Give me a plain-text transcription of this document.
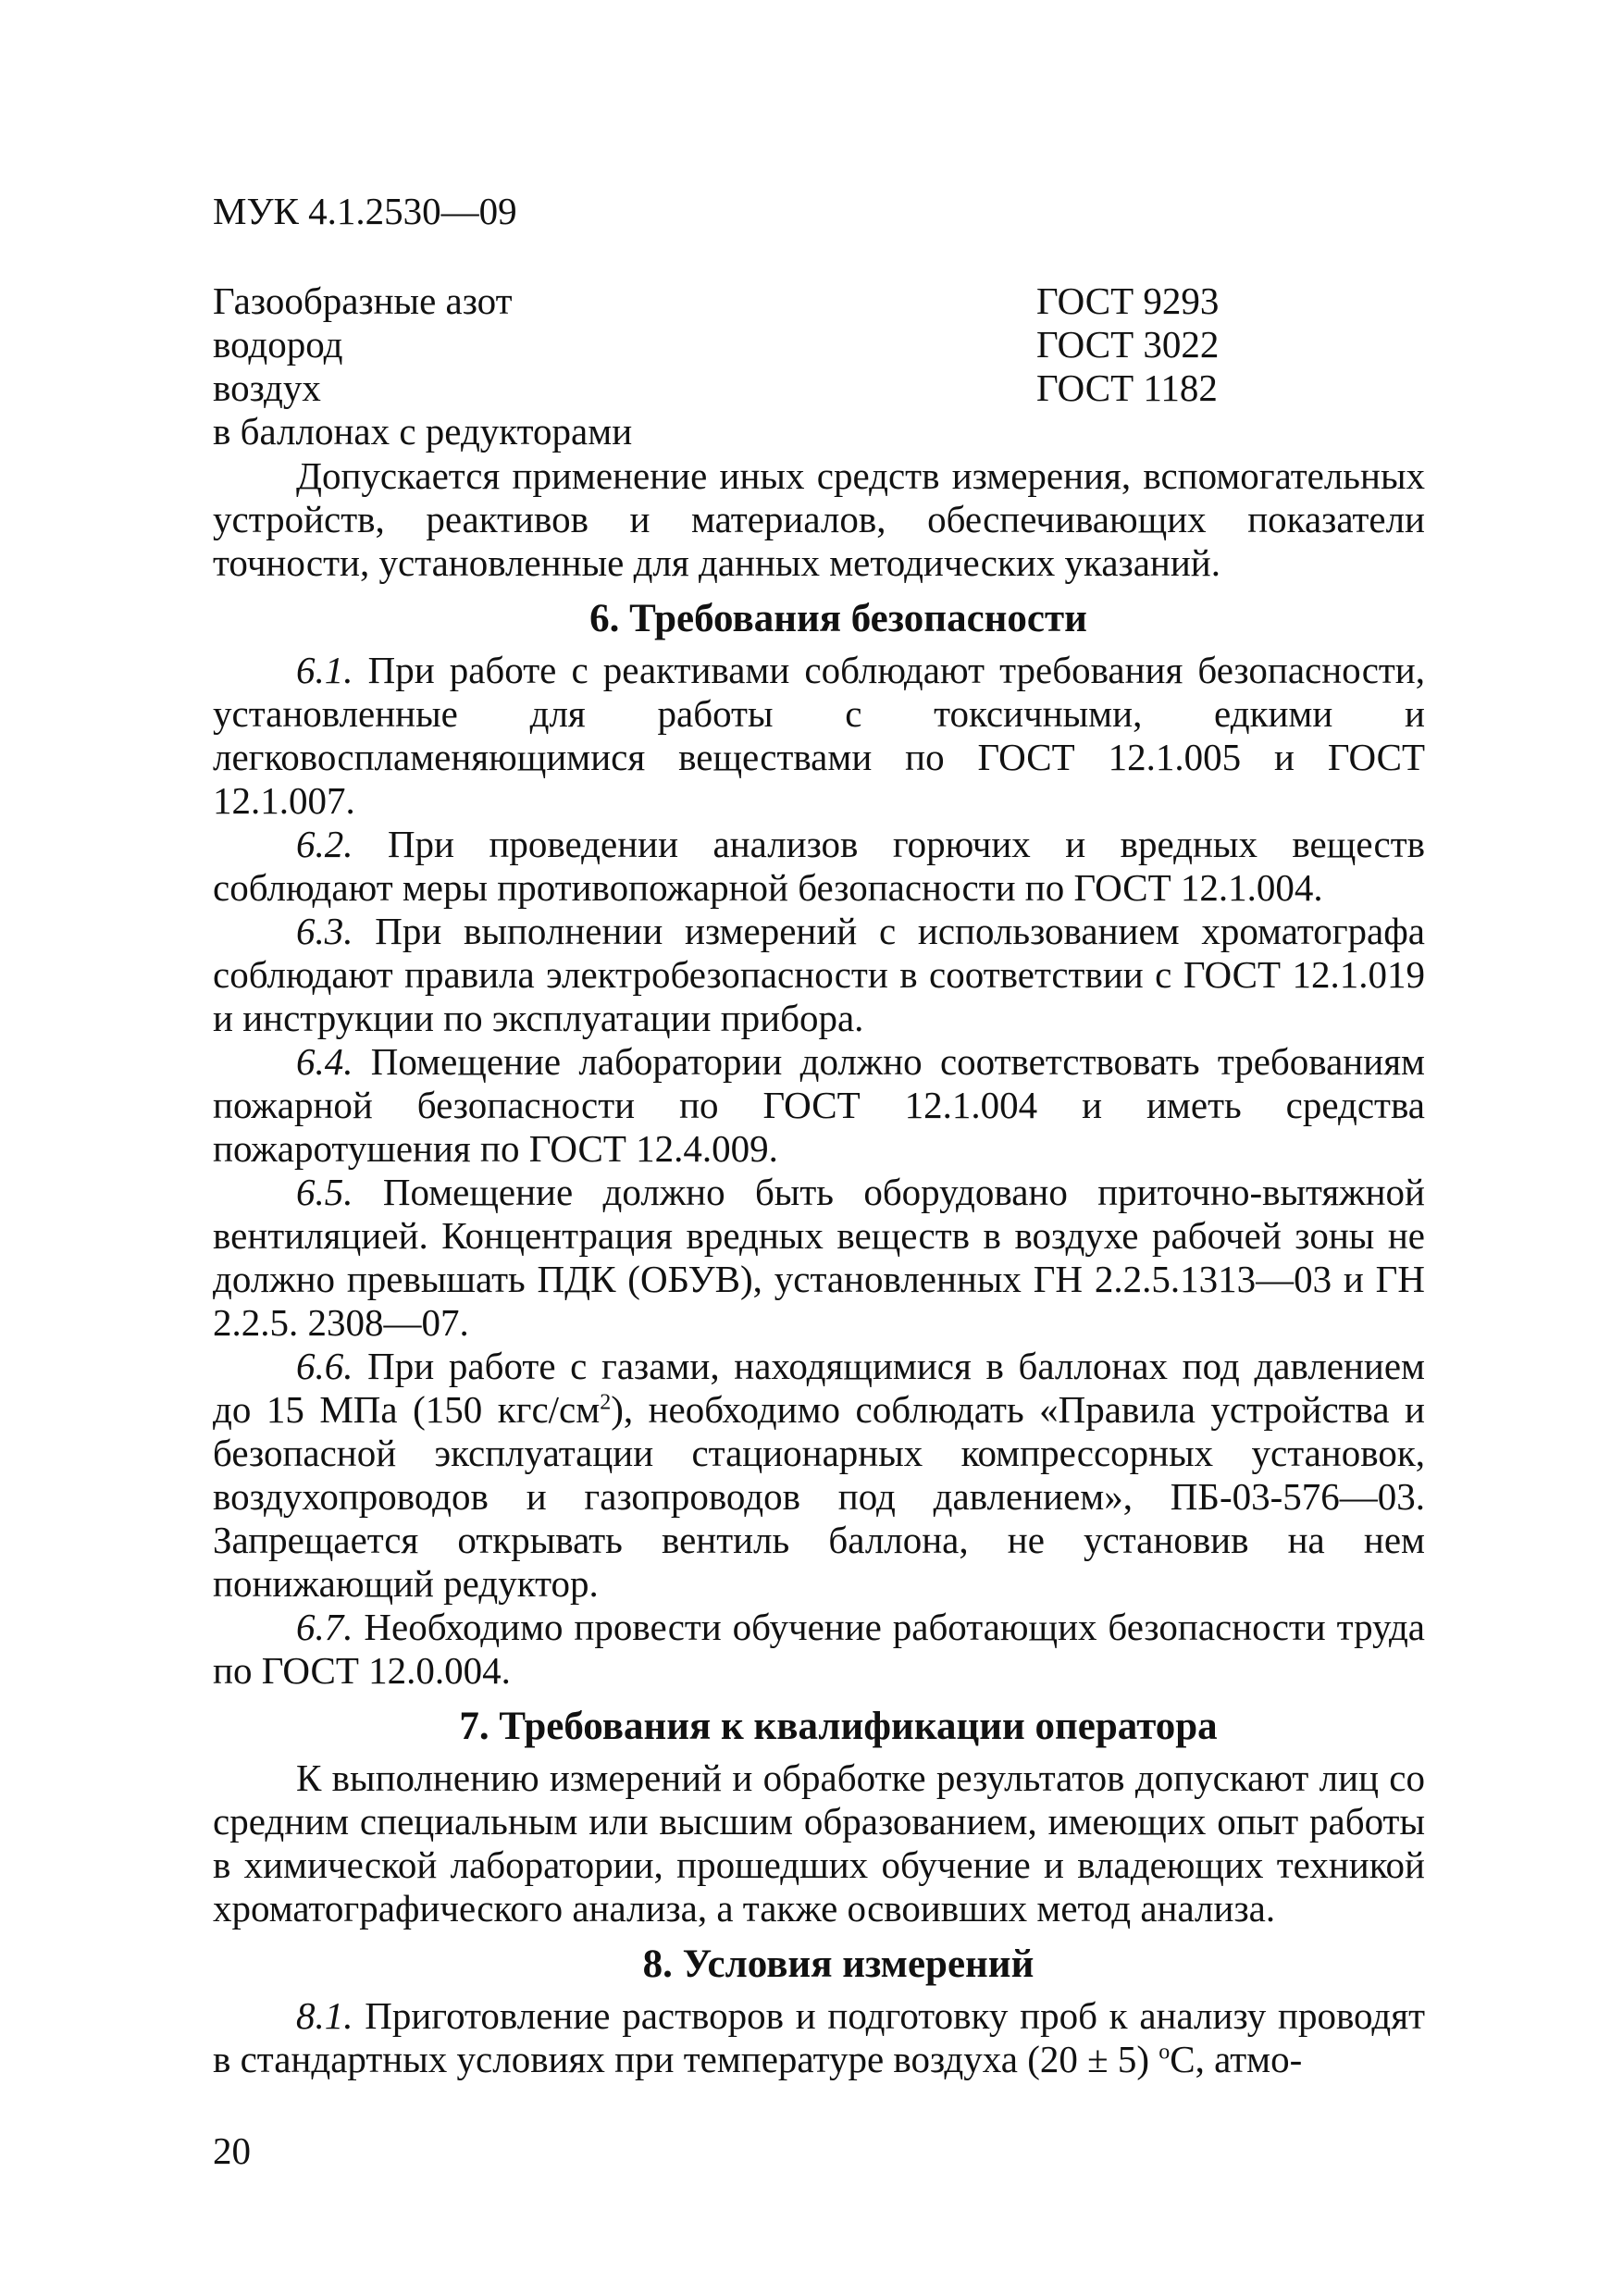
МУК 4.1.2530—09
Газообразные азот	ГОСТ 9293
водород	ГОСТ 3022
воздух	ГОСТ 1182
в баллонах с редукторами

Допускается применение иных средств измерения, вспомогательных устройств, реактивов и материалов, обеспечивающих показатели точности, установленные для данных методических указаний.

6. Требования безопасности

6.1. При работе с реактивами соблюдают требования безопасности, установленные для работы с токсичными, едкими и легковоспламеняющимися веществами по ГОСТ 12.1.005 и ГОСТ 12.1.007.

6.2. При проведении анализов горючих и вредных веществ соблюдают меры противопожарной безопасности по ГОСТ 12.1.004.

6.3. При выполнении измерений с использованием хроматографа соблюдают правила электробезопасности в соответствии с ГОСТ 12.1.019 и инструкции по эксплуатации прибора.

6.4. Помещение лаборатории должно соответствовать требованиям пожарной безопасности по ГОСТ 12.1.004 и иметь средства пожаротушения по ГОСТ 12.4.009.

6.5. Помещение должно быть оборудовано приточно-вытяжной вентиляцией. Концентрация вредных веществ в воздухе рабочей зоны не должно превышать ПДК (ОБУВ), установленных ГН 2.2.5.1313—03 и ГН 2.2.5. 2308—07.

6.6. При работе с газами, находящимися в баллонах под давлением до 15 МПа (150 кгс/$см^2$), необходимо соблюдать «Правила устройства и безопасной эксплуатации стационарных компрессорных установок, воздухопроводов и газопроводов под давлением», ПБ-03-576—03. Запрещается открывать вентиль баллона, не установив на нем понижающий редуктор.

6.7. Необходимо провести обучение работающих безопасности труда по ГОСТ 12.0.004.

7. Требования к квалификации оператора

К выполнению измерений и обработке результатов допускают лиц со средним специальным или высшим образованием, имеющих опыт работы в химической лаборатории, прошедших обучение и владеющих техникой хроматографического анализа, а также освоивших метод анализа.

8. Условия измерений

8.1. Приготовление растворов и подготовку проб к анализу проводят в стандартных условиях при температуре воздуха (20 ± 5) $^o$С, атмо-

20
